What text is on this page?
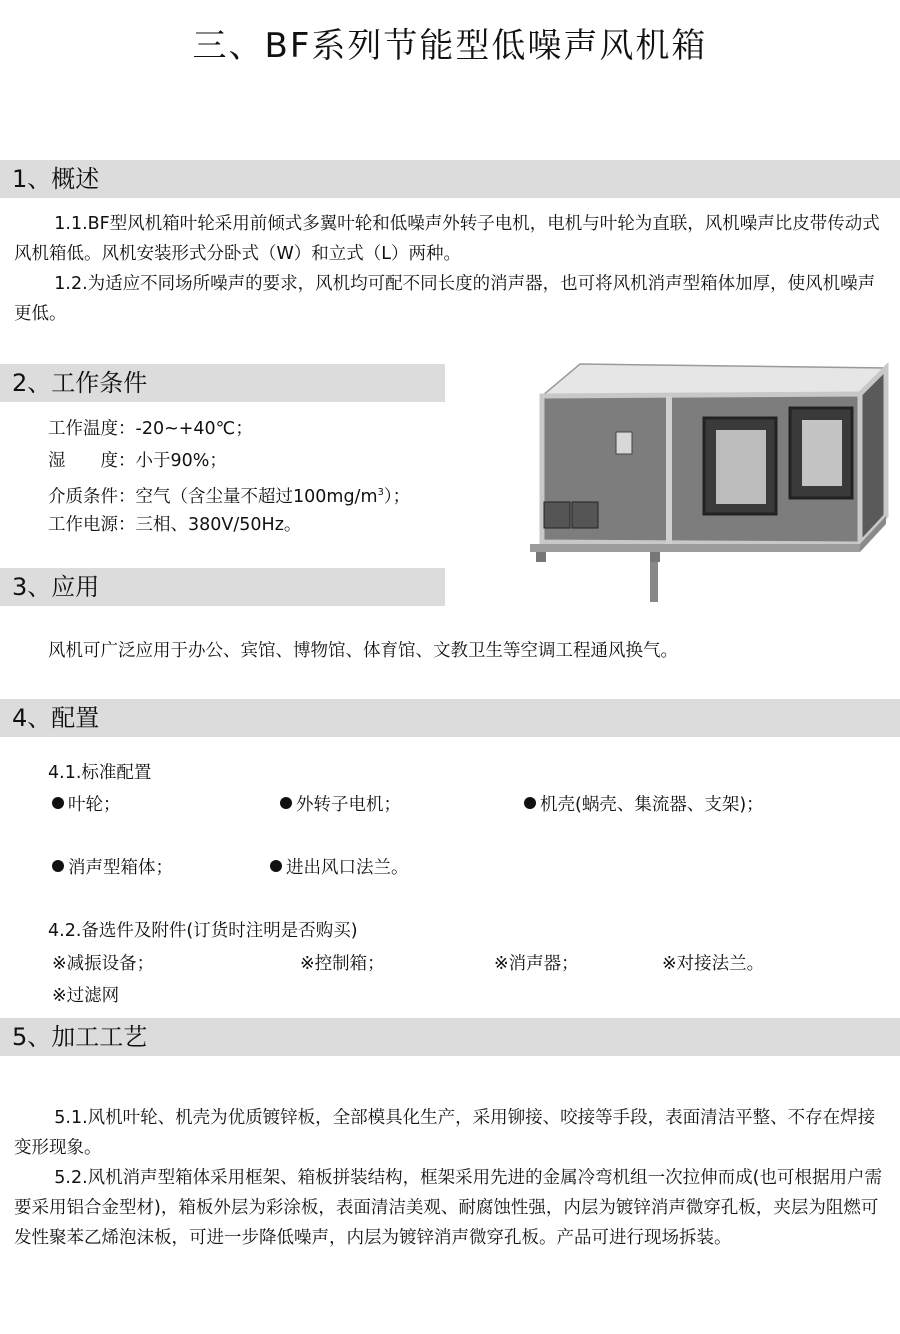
三、BF系列节能型低噪声风机箱
1、概述

1.1.BF型风机箱叶轮采用前倾式多翼叶轮和低噪声外转子电机，电机与叶轮为直联，风机噪声比皮带传动式风机箱低。风机安装形式分卧式（W）和立式（L）两种。

1.2.为适应不同场所噪声的要求，风机均可配不同长度的消声器，也可将风机消声型箱体加厚，使风机噪声更低。

2、工作条件
工作温度：-20~+40℃；
湿　　度：小于90%；
介质条件：空气（含尘量不超过$100mg/m^3$）；
工作电源：三相、380V/50Hz。
3、应用
风机可广泛应用于办公、宾馆、博物馆、体育馆、文教卫生等空调工程通风换气。
4、配置
4.1.标准配置
叶轮；	外转子电机；	机壳(蜗壳、集流器、支架)；
消声型箱体；	进出风口法兰。
4.2.备选件及附件(订货时注明是否购买)
※减振设备；	※控制箱；	※消声器；	※对接法兰。
※过滤网
5、加工工艺

5.1.风机叶轮、机壳为优质镀锌板，全部模具化生产，采用铆接、咬接等手段，表面清洁平整、不存在焊接变形现象。

5.2.风机消声型箱体采用框架、箱板拼装结构，框架采用先进的金属冷弯机组一次拉伸而成(也可根据用户需要采用铝合金型材)，箱板外层为彩涂板，表面清洁美观、耐腐蚀性强，内层为镀锌消声微穿孔板，夹层为阻燃可发性聚苯乙烯泡沫板，可进一步降低噪声，内层为镀锌消声微穿孔板。产品可进行现场拆装。
